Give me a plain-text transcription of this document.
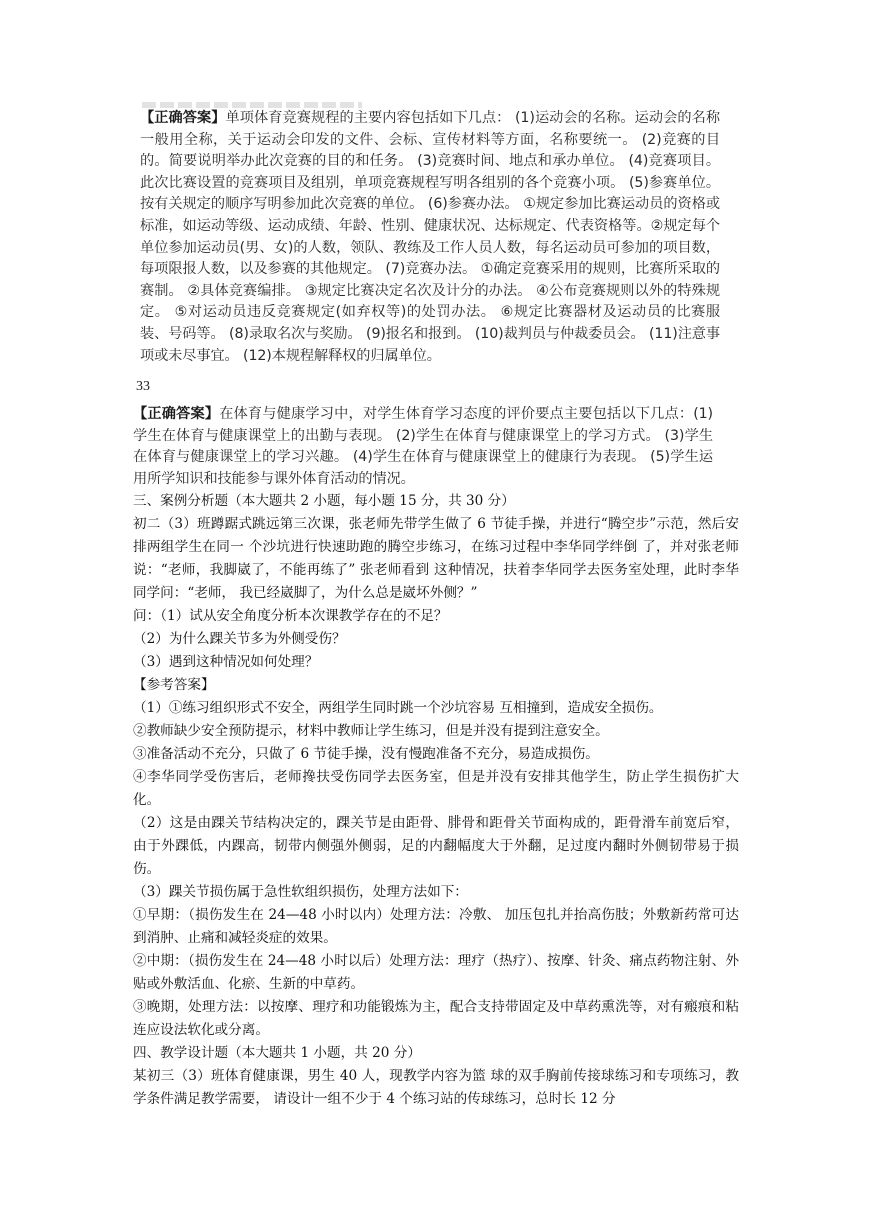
【正确答案】单项体育竞赛规程的主要内容包括如下几点： (1)运动会的名称。运动会的名称一般用全称，关于运动会印发的文件、会标、宣传材料等方面，名称要统一。 (2)竞赛的目的。简要说明举办此次竞赛的目的和任务。 (3)竞赛时间、地点和承办单位。 (4)竞赛项目。此次比赛设置的竞赛项目及组别，单项竞赛规程写明各组别的各个竞赛小项。 (5)参赛单位。按有关规定的顺序写明参加此次竞赛的单位。 (6)参赛办法。 ①规定参加比赛运动员的资格或标准，如运动等级、运动成绩、年龄、性别、健康状况、达标规定、代表资格等。②规定每个单位参加运动员(男、女)的人数，领队、教练及工作人员人数，每名运动员可参加的项目数，每项限报人数，以及参赛的其他规定。 (7)竞赛办法。 ①确定竞赛采用的规则，比赛所采取的赛制。 ②具体竞赛编排。 ③规定比赛决定名次及计分的办法。 ④公布竞赛规则以外的特殊规定。 ⑤对运动员违反竞赛规定(如弃权等)的处罚办法。 ⑥规定比赛器材及运动员的比赛服装、号码等。 (8)录取名次与奖励。 (9)报名和报到。 (10)裁判员与仲裁委员会。 (11)注意事项或未尽事宜。 (12)本规程解释权的归属单位。
33
【正确答案】在体育与健康学习中，对学生体育学习态度的评价要点主要包括以下几点：(1)学生在体育与健康课堂上的出勤与表现。 (2)学生在体育与健康课堂上的学习方式。 (3)学生在体育与健康课堂上的学习兴趣。 (4)学生在体育与健康课堂上的健康行为表现。 (5)学生运用所学知识和技能参与课外体育活动的情况。

三、案例分析题（本大题共 2 小题，每小题 15 分，共 30 分）

初二（3）班蹲踞式跳远第三次课，张老师先带学生做了 6 节徒手操，并进行“腾空步”示范，然后安排两组学生在同一 个沙坑进行快速助跑的腾空步练习，在练习过程中李华同学绊倒 了，并对张老师说：“老师，我脚崴了，不能再练了” 张老师看到 这种情况，扶着李华同学去医务室处理，此时李华同学问：“老师， 我已经崴脚了，为什么总是崴坏外侧？”

问：（1）试从安全角度分析本次课教学存在的不足？

（2）为什么踝关节多为外侧受伤？

（3）遇到这种情况如何处理？

【参考答案】

（1）①练习组织形式不安全，两组学生同时跳一个沙坑容易 互相撞到，造成安全损伤。

②教师缺少安全预防提示，材料中教师让学生练习，但是并没有提到注意安全。

③准备活动不充分，只做了 6 节徒手操，没有慢跑准备不充分，易造成损伤。

④李华同学受伤害后，老师搀扶受伤同学去医务室，但是并没有安排其他学生，防止学生损伤扩大化。

（2）这是由踝关节结构决定的，踝关节是由距骨、腓骨和距骨关节面构成的，距骨滑车前宽后窄，由于外踝低，内踝高，韧带内侧强外侧弱，足的内翻幅度大于外翻，足过度内翻时外侧韧带易于损伤。

（3）踝关节损伤属于急性软组织损伤，处理方法如下：

①早期：（损伤发生在 24—48 小时以内）处理方法：冷敷、 加压包扎并抬高伤肢；外敷新药常可达到消肿、止痛和减轻炎症的效果。

②中期：（损伤发生在 24—48 小时以后）处理方法：理疗（热疗）、按摩、针灸、痛点药物注射、外贴或外敷活血、化瘀、生新的中草药。

③晚期，处理方法：以按摩、理疗和功能锻炼为主，配合支持带固定及中草药熏洗等，对有瘢痕和粘连应设法软化或分离。

四、教学设计题（本大题共 1 小题，共 20 分）

某初三（3）班体育健康课，男生 40 人，现教学内容为篮 球的双手胸前传接球练习和专项练习，教学条件满足教学需要， 请设计一组不少于 4 个练习站的传球练习，总时长 12 分
